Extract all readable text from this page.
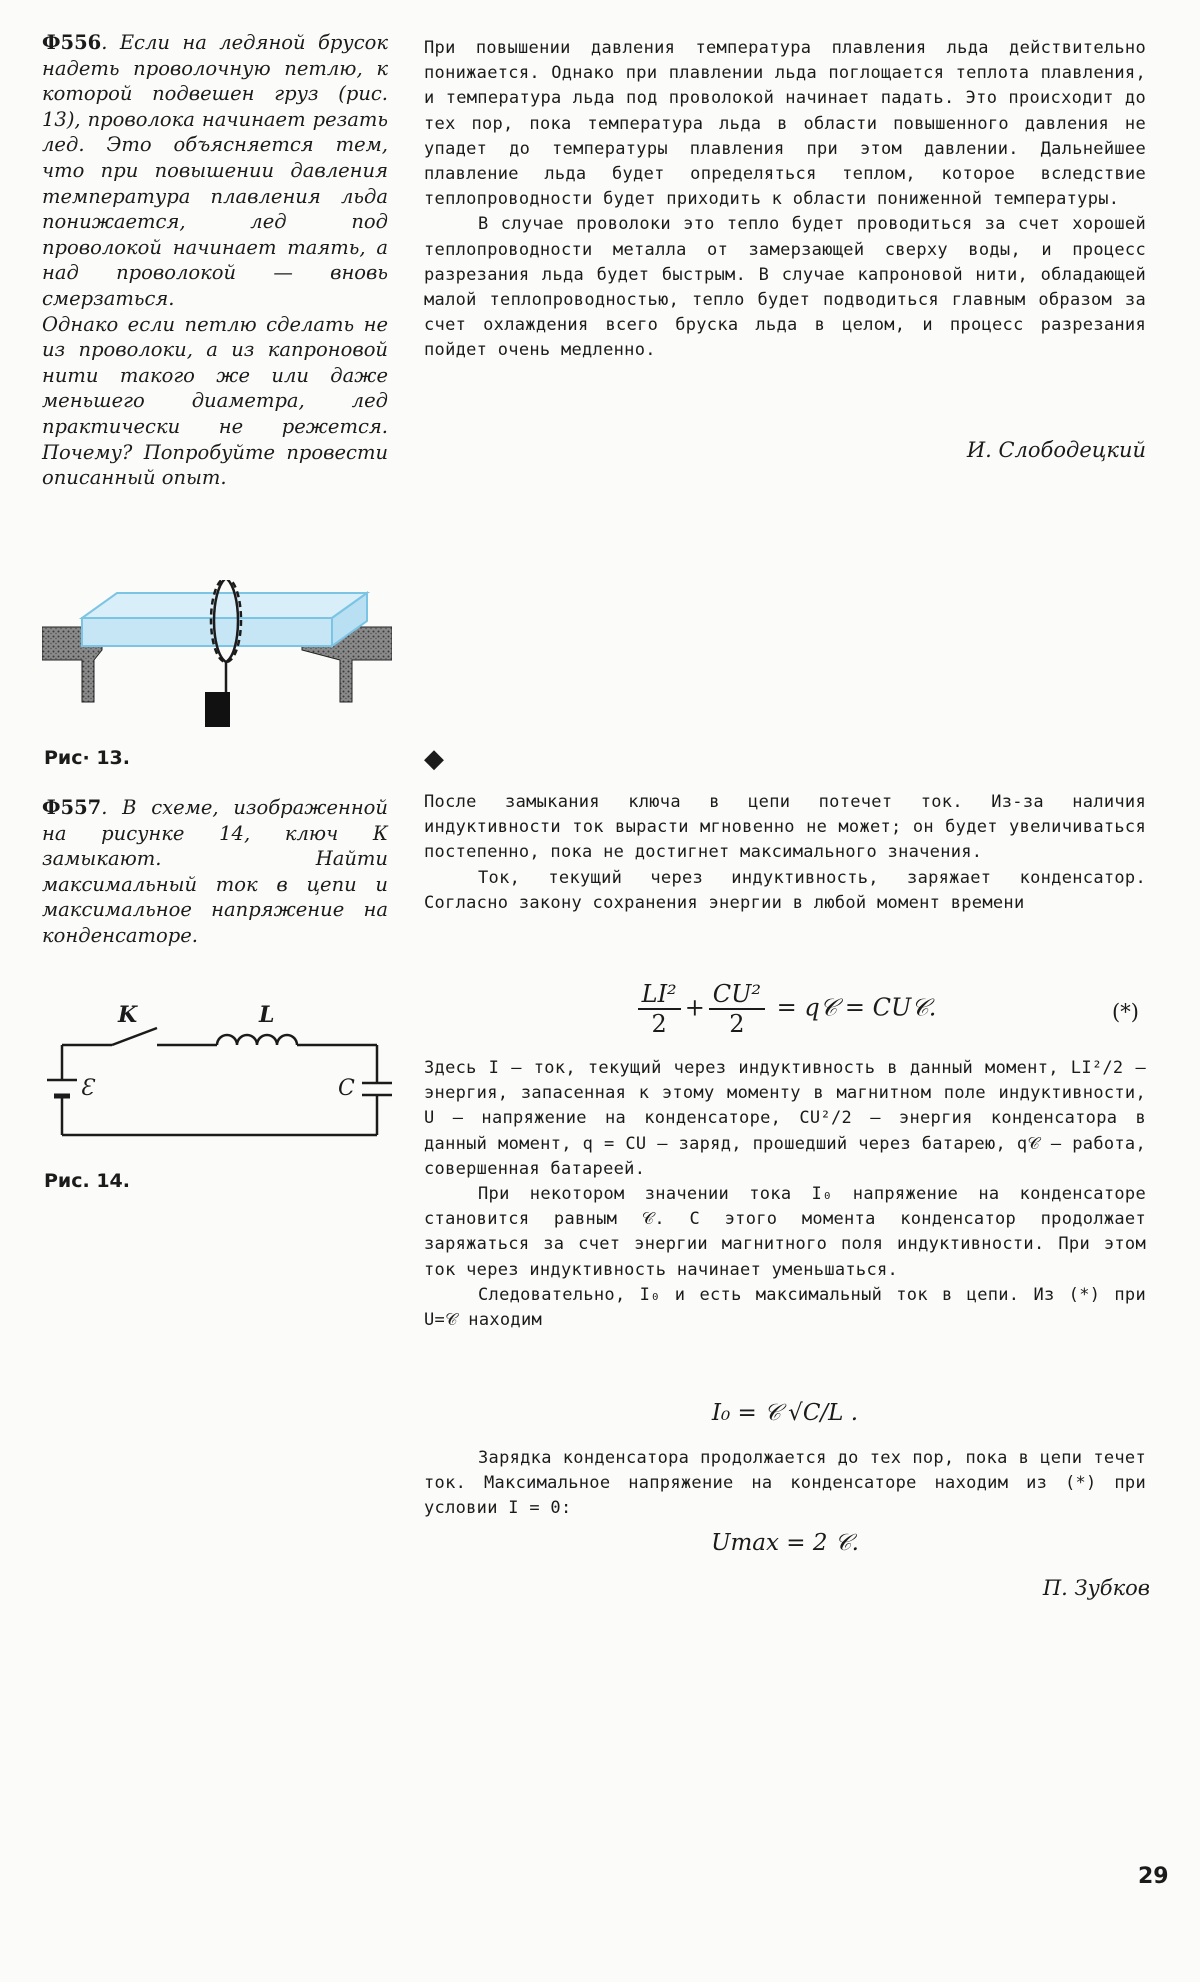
Ф556. Если на ледяной брусок надеть проволочную петлю, к которой подвешен груз (рис. 13), проволока начинает резать лед. Это объясняется тем, что при повышении давления температура плавления льда понижается, лед под проволокой начинает таять, а над проволокой — вновь смерзаться.

Однако если петлю сделать не из проволоки, а из капроновой нити такого же или даже меньшего диаметра, лед практически не режется. Почему? Попробуйте провести описанный опыт.

При повышении давления температура плавления льда действительно понижается. Однако при плавлении льда поглощается теплота плавления, и температура льда под проволокой начинает падать. Это происходит до тех пор, пока температура льда в области повышенного давления не упадет до температуры плавления при этом давлении. Дальнейшее плавление льда будет определяться теплом, которое вследствие теплопроводности будет приходить к области пониженной температуры.

В случае проволоки это тепло будет проводиться за счет хорошей теплопроводности металла от замерзающей сверху воды, и процесс разрезания льда будет быстрым. В случае капроновой нити, обладающей малой теплопроводностью, тепло будет подводиться главным образом за счет охлаждения всего бруска льда в целом, и процесс разрезания пойдет очень медленно.

И. Слободецкий
Рис· 13.	◆

Ф557. В схеме, изображенной на рисунке 14, ключ К замыкают. Найти максимальный ток в цепи и максимальное напряжение на конденсаторе.

K	L
Ɛ	C
Рис. 14.

После замыкания ключа в цепи потечет ток. Из-за наличия индуктивности ток вырасти мгновенно не может; он будет увеличиваться постепенно, пока не достигнет максимального значения.

Ток, текущий через индуктивность, заряжает конденсатор. Согласно закону сохранения энергии в любой момент времени

$\frac{\text{LI²}}{2} + \frac{\text{CU²}}{2}$ = q𝒞 = CU𝒞.	(*)

Здесь I — ток, текущий через индуктивность в данный момент, LI²/2 — энергия, запасенная к этому моменту в магнитном поле индуктивности, U — напряжение на конденсаторе, CU²/2 — энергия конденсатора в данный момент, q = CU — заряд, прошедший через батарею, q𝒞 — работа, совершенная батареей.

При некотором значении тока I₀ напряжение на конденсаторе становится равным 𝒞. С этого момента конденсатор продолжает заряжаться за счет энергии магнитного поля индуктивности. При этом ток через индуктивность начинает уменьшаться.

Следовательно, I₀ и есть максимальный ток в цепи. Из (*) при U=𝒞 находим

I₀ = 𝒞 √C/L .

Зарядка конденсатора продолжается до тех пор, пока в цепи течет ток. Максимальное напряжение на конденсаторе находим из (*) при условии I = 0:

Umax = 2 𝒞.
П. Зубков
29
